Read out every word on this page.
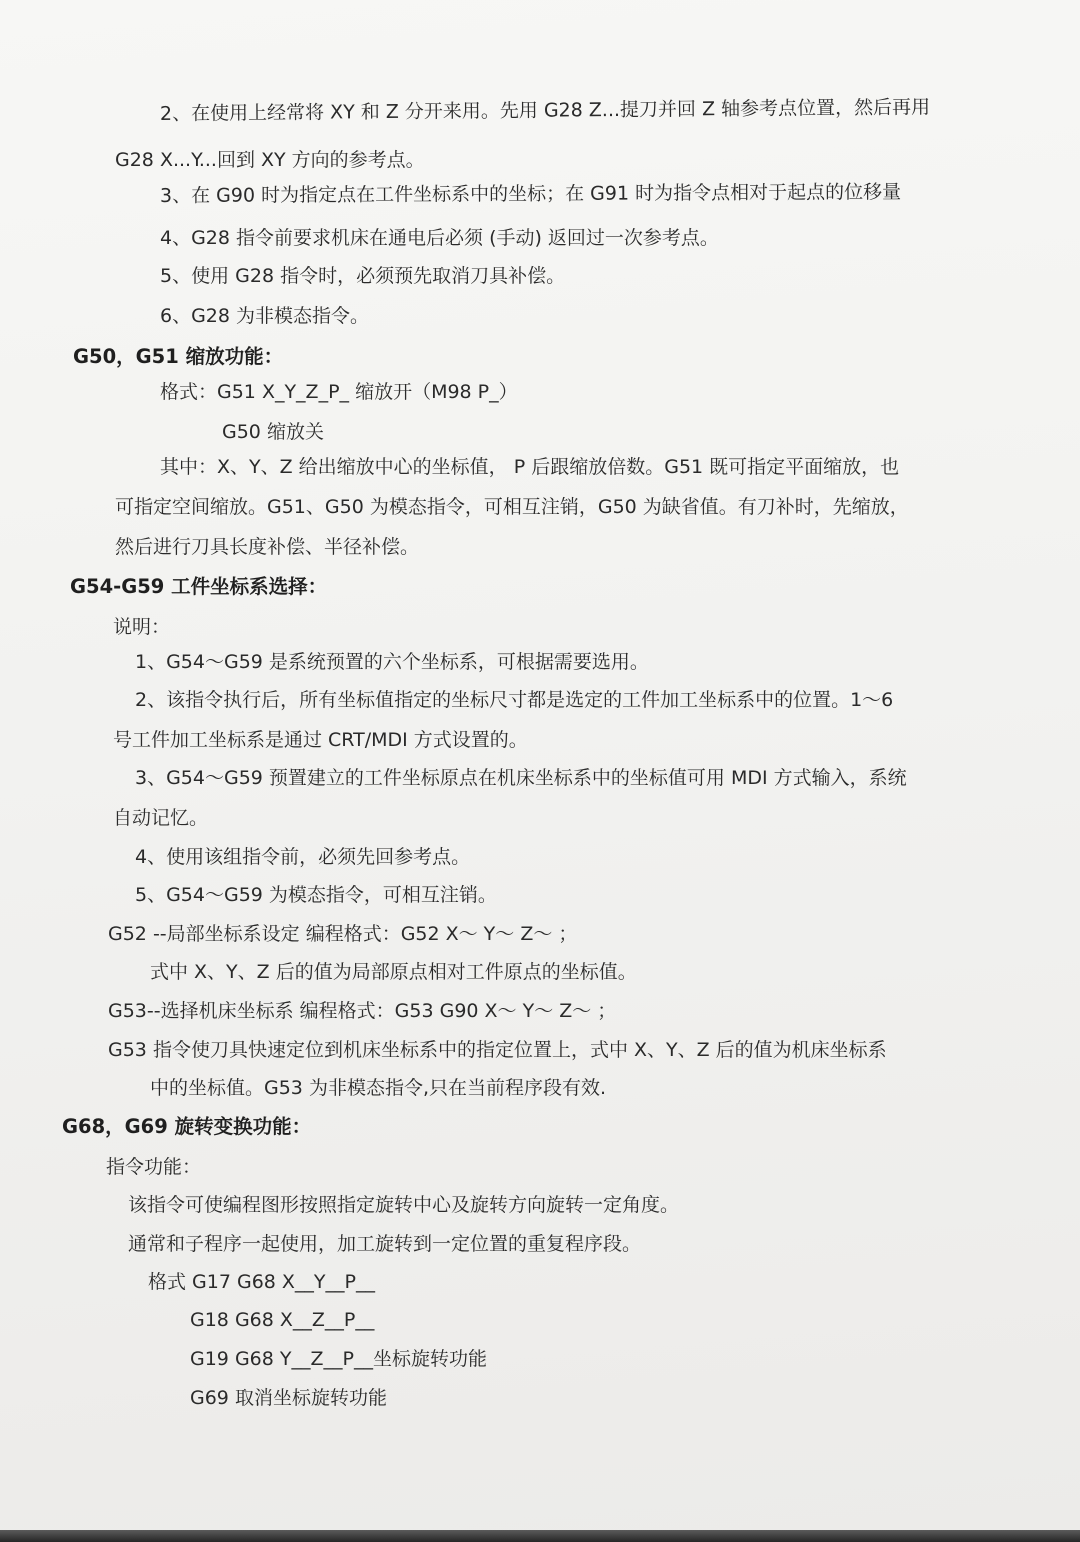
2、在使用上经常将 XY 和 Z 分开来用。先用 G28 Z...提刀并回 Z 轴参考点位置，然后再用
G28 X...Y...回到 XY 方向的参考点。
3、在 G90 时为指定点在工件坐标系中的坐标；在 G91 时为指令点相对于起点的位移量
4、G28 指令前要求机床在通电后必须 (手动) 返回过一次参考点。
5、使用 G28 指令时，必须预先取消刀具补偿。
6、G28 为非模态指令。
G50，G51 缩放功能：
格式：G51 X_Y_Z_P_ 缩放开（M98 P_）
G50 缩放关
其中：X、Y、Z 给出缩放中心的坐标值， P 后跟缩放倍数。G51 既可指定平面缩放，也
可指定空间缩放。G51、G50 为模态指令，可相互注销，G50 为缺省值。有刀补时，先缩放，
然后进行刀具长度补偿、半径补偿。
G54-G59 工件坐标系选择：
说明：
1、G54～G59 是系统预置的六个坐标系，可根据需要选用。
2、该指令执行后，所有坐标值指定的坐标尺寸都是选定的工件加工坐标系中的位置。1～6
号工件加工坐标系是通过 CRT/MDI 方式设置的。
3、G54～G59 预置建立的工件坐标原点在机床坐标系中的坐标值可用 MDI 方式输入，系统
自动记忆。
4、使用该组指令前，必须先回参考点。
5、G54～G59 为模态指令，可相互注销。
G52 --局部坐标系设定 编程格式：G52 X～ Y～ Z～ ；
式中 X、Y、Z 后的值为局部原点相对工件原点的坐标值。
G53--选择机床坐标系 编程格式：G53 G90 X～ Y～ Z～ ；
G53 指令使刀具快速定位到机床坐标系中的指定位置上，式中 X、Y、Z 后的值为机床坐标系
中的坐标值。G53 为非模态指令,只在当前程序段有效.
G68，G69 旋转变换功能：
指令功能：
该指令可使编程图形按照指定旋转中心及旋转方向旋转一定角度。
通常和子程序一起使用，加工旋转到一定位置的重复程序段。
格式 G17 G68 X__Y__P__
G18 G68 X__Z__P__
G19 G68 Y__Z__P__坐标旋转功能
G69 取消坐标旋转功能
